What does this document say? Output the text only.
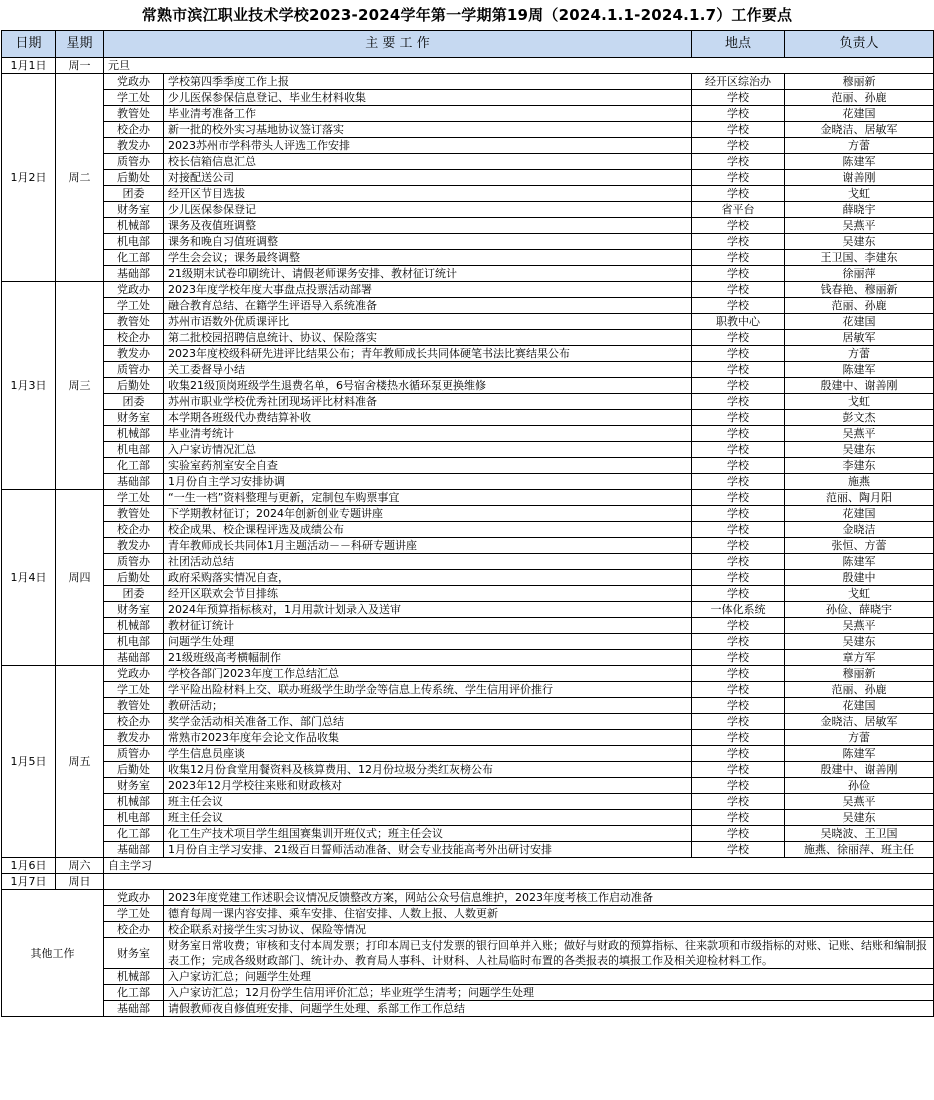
常熟市滨江职业技术学校2023-2024学年第一学期第19周（2024.1.1-2024.1.7）工作要点
日期	星期	主 要 工 作		地点	负责人
1月1日	周一	元旦			
1月2日	周二	党政办	学校第四季季度工作上报	经开区综治办	穆丽新
		学工处	少儿医保参保信息登记、毕业生材料收集	学校	范丽、孙鹿
		教管处	毕业清考准备工作	学校	花建国
		校企办	新一批的校外实习基地协议签订落实	学校	金晓洁、居敏军
		教发办	2023苏州市学科带头人评选工作安排	学校	方蕾
		质管办	校长信箱信息汇总	学校	陈建军
		后勤处	对接配送公司	学校	谢善刚
		团委	经开区节目选拔	学校	戈虹
		财务室	少儿医保参保登记	省平台	薛晓宇
		机械部	课务及夜值班调整	学校	吴燕平
		机电部	课务和晚自习值班调整	学校	吴建东
		化工部	学生会会议；课务最终调整	学校	王卫国、李建东
		基础部	21级期末试卷印刷统计、请假老师课务安排、教材征订统计	学校	徐丽萍
1月3日	周三	党政办	2023年度学校年度大事盘点投票活动部署	学校	钱春艳、穆丽新
		学工处	融合教育总结、在籍学生评语导入系统准备	学校	范丽、孙鹿
		教管处	苏州市语数外优质课评比	职教中心	花建国
		校企办	第二批校园招聘信息统计、协议、保险落实	学校	居敏军
		教发办	2023年度校级科研先进评比结果公布；青年教师成长共同体硬笔书法比赛结果公布	学校	方蕾
		质管办	关工委督导小结	学校	陈建军
		后勤处	收集21级顶岗班级学生退费名单，6号宿舍楼热水循环泵更换维修	学校	殷建中、谢善刚
		团委	苏州市职业学校优秀社团现场评比材料准备	学校	戈虹
		财务室	本学期各班级代办费结算补收	学校	彭文杰
		机械部	毕业清考统计	学校	吴燕平
		机电部	入户家访情况汇总	学校	吴建东
		化工部	实验室药剂室安全自查	学校	李建东
		基础部	1月份自主学习安排协调	学校	施燕
1月4日	周四	学工处	“一生一档”资料整理与更新，定制包车购票事宜	学校	范丽、陶月阳
		教管处	下学期教材征订；2024年创新创业专题讲座	学校	花建国
		校企办	校企成果、校企课程评选及成绩公布	学校	金晓洁
		教发办	青年教师成长共同体1月主题活动－－科研专题讲座	学校	张恒、方蕾
		质管办	社团活动总结	学校	陈建军
		后勤处	政府采购落实情况自查，	学校	殷建中
		团委	经开区联欢会节目排练	学校	戈虹
		财务室	2024年预算指标核对，1月用款计划录入及送审	一体化系统	孙俭、薛晓宇
		机械部	教材征订统计	学校	吴燕平
		机电部	问题学生处理	学校	吴建东
		基础部	21级班级高考横幅制作	学校	章方军
1月5日	周五	党政办	学校各部门2023年度工作总结汇总	学校	穆丽新
		学工处	学平险出险材料上交、联办班级学生助学金等信息上传系统、学生信用评价推行	学校	范丽、孙鹿
		教管处	教研活动；	学校	花建国
		校企办	奖学金活动相关准备工作、部门总结	学校	金晓洁、居敏军
		教发办	常熟市2023年度年会论文作品收集	学校	方蕾
		质管办	学生信息员座谈	学校	陈建军
		后勤处	收集12月份食堂用餐资料及核算费用、12月份垃圾分类红灰榜公布	学校	殷建中、谢善刚
		财务室	2023年12月学校往来账和财政核对	学校	孙俭
		机械部	班主任会议	学校	吴燕平
		机电部	班主任会议	学校	吴建东
		化工部	化工生产技术项目学生组国赛集训开班仪式；班主任会议	学校	吴晓波、王卫国
		基础部	1月份自主学习安排、21级百日誓师活动准备、财会专业技能高考外出研讨安排	学校	施燕、徐丽萍、班主任
1月6日	周六	自主学习			
1月7日	周日				
其他工作		党政办	2023年度党建工作述职会议情况反馈整改方案，网站公众号信息维护，2023年度考核工作启动准备		
		学工处	德育每周一课内容安排、乘车安排、住宿安排、人数上报、人数更新		
		校企办	校企联系对接学生实习协议、保险等情况		
		财务室	财务室日常收费；审核和支付本周发票；打印本周已支付发票的银行回单并入账；做好与财政的预算指标、往来款项和市级指标的对账、记账、结账和编制报表工作；完成各级财政部门、统计办、教育局人事科、计财科、人社局临时布置的各类报表的填报工作及相关迎检材料工作。		
		机械部	入户家访汇总；问题学生处理		
		化工部	入户家访汇总；12月份学生信用评价汇总；毕业班学生清考；问题学生处理		
		基础部	请假教师夜自修值班安排、问题学生处理、系部工作工作总结		
